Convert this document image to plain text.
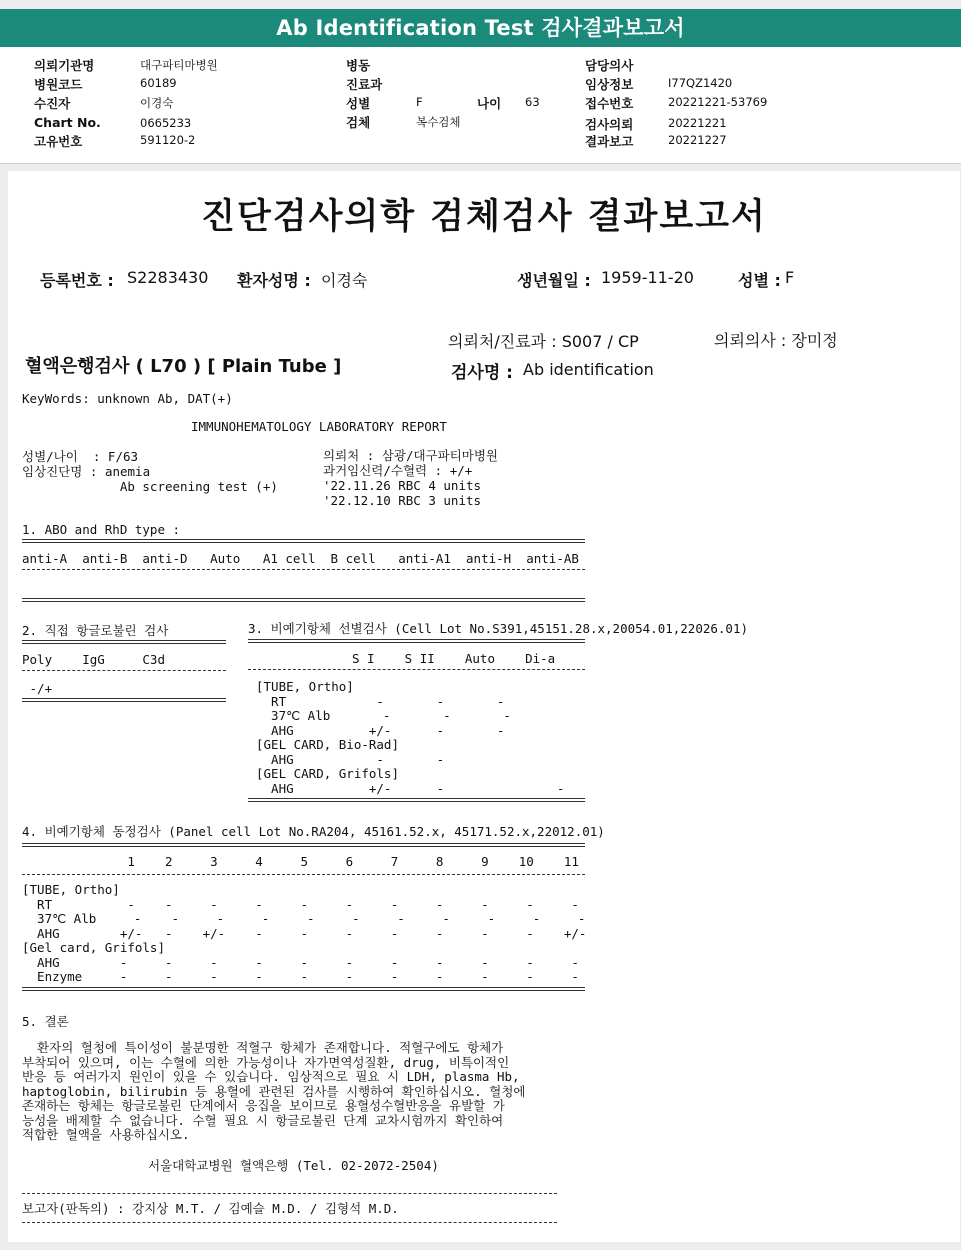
Ab Identification Test 검사결과보고서
의뢰기관명	대구파티마병원
병원코드	60189
수진자	이경숙
Chart No.	0665233
고유번호	591120-2
병동
진료과
성별	F	나이 63
검체	복수검체
담당의사
임상정보	I77QZ1420
접수번호	20221221-53769
검사의뢰	20221221
결과보고	20221227
진단검사의학 검체검사 결과보고서
등록번호 : S2283430 환자성명 : 이경숙	생년월일 : 1959-11-20	성별 : F
의뢰처/진료과 : S007 / CP	의뢰의사 : 장미정
혈액은행검사 ( L70 ) [ Plain Tube ]	검사명 : Ab identification
KeyWords: unknown Ab, DAT(+)
IMMUNOHEMATOLOGY LABORATORY REPORT
성별/나이  : F/63
임상진단명 : anemia
Ab screening test (+)
의뢰처 : 삼광/대구파티마병원
과거임신력/수혈력 : +/+
'22.11.26 RBC 4 units
'22.12.10 RBC 3 units
1. ABO and RhD type :
anti-A  anti-B  anti-D   Auto   A1 cell  B cell   anti-A1  anti-H  anti-AB
2. 직접 항글로불린 검사
Poly    IgG     C3d
-/+
3. 비예기항체 선별검사 (Cell Lot No.S391,45151.28.x,20054.01,22026.01)
S I    S II    Auto    Di-a
[TUBE, Ortho]
RT            -       -       -
37℃ Alb       -       -       -
AHG          +/-      -       -
[GEL CARD, Bio-Rad]
AHG           -       -
[GEL CARD, Grifols]
AHG          +/-      -               -
4. 비예기항체 동정검사 (Panel cell Lot No.RA204, 45161.52.x, 45171.52.x,22012.01)
1    2     3     4     5     6     7     8     9    10    11
[TUBE, Ortho]
RT          -    -     -     -     -     -     -     -     -     -     -
37℃ Alb     -    -     -     -     -     -     -     -     -     -     -
AHG        +/-   -    +/-    -     -     -     -     -     -     -    +/-
[Gel card, Grifols]
AHG        -     -     -     -     -     -     -     -     -     -     -
Enzyme     -     -     -     -     -     -     -     -     -     -     -
5. 결론
환자의 혈청에 특이성이 불분명한 적혈구 항체가 존재합니다. 적혈구에도 항체가
부착되어 있으며, 이는 수혈에 의한 가능성이나 자가면역성질환, drug, 비특이적인
반응 등 여러가지 원인이 있을 수 있습니다. 임상적으로 필요 시 LDH, plasma Hb,
haptoglobin, bilirubin 등 용혈에 관련된 검사를 시행하여 확인하십시오. 혈청에
존재하는 항체는 항글로불린 단계에서 응집을 보이므로 용혈성수혈반응을 유발할 가
능성을 배제할 수 없습니다. 수혈 필요 시 항글로불린 단계 교차시험까지 확인하여
적합한 혈액을 사용하십시오.
서울대학교병원 혈액은행 (Tel. 02-2072-2504)
보고자(판독의) : 강지상 M.T. / 김예슬 M.D. / 김형석 M.D.
